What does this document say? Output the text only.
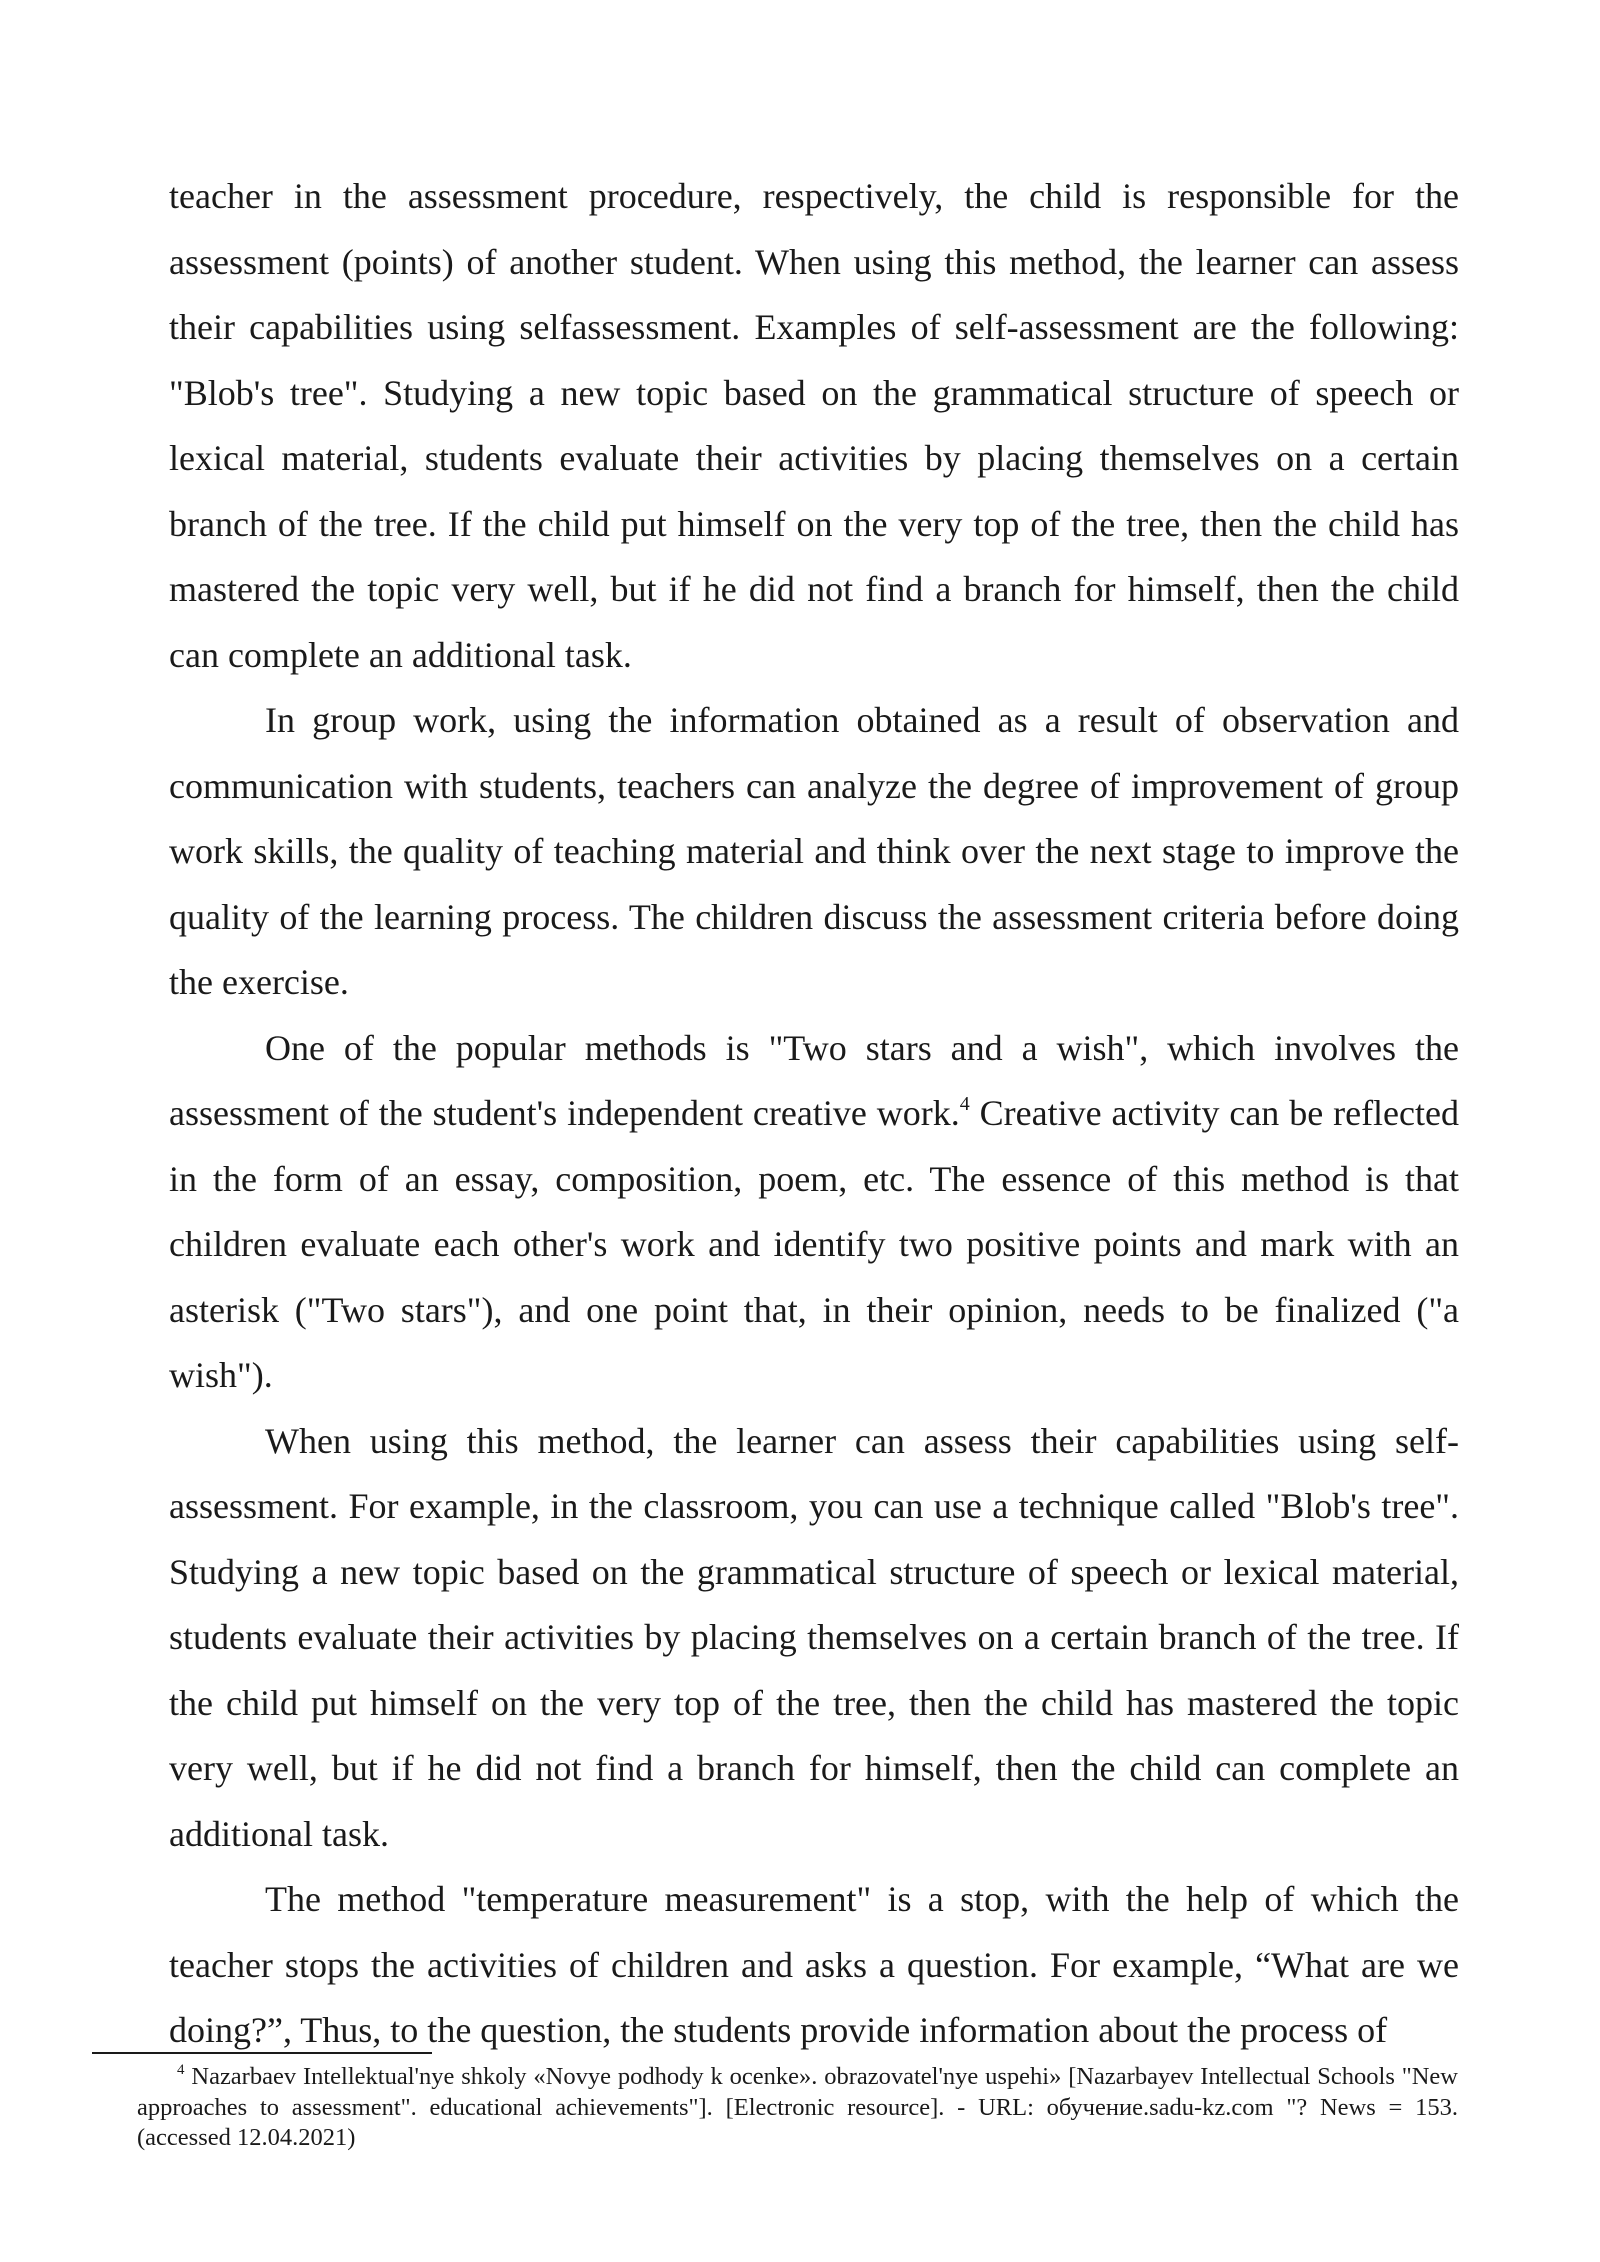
teacher in the assessment procedure, respectively, the child is responsible for the assessment (points) of another student. When using this method, the learner can assess their capabilities using selfassessment. Examples of self-assessment are the following: "Blob's tree". Studying a new topic based on the grammatical structure of speech or lexical material, students evaluate their activities by placing themselves on a certain branch of the tree. If the child put himself on the very top of the tree, then the child has mastered the topic very well, but if he did not find a branch for himself, then the child can complete an additional task.

In group work, using the information obtained as a result of observation and communication with students, teachers can analyze the degree of improvement of group work skills, the quality of teaching material and think over the next stage to improve the quality of the learning process. The children discuss the assessment criteria before doing the exercise.

One of the popular methods is "Two stars and a wish", which involves the assessment of the student's independent creative work.$^4$ Creative activity can be reflected in the form of an essay, composition, poem, etc. The essence of this method is that children evaluate each other's work and identify two positive points and mark with an asterisk ("Two stars"), and one point that, in their opinion, needs to be finalized ("a wish").

When using this method, the learner can assess their capabilities using self-assessment. For example, in the classroom, you can use a technique called "Blob's tree". Studying a new topic based on the grammatical structure of speech or lexical material, students evaluate their activities by placing themselves on a certain branch of the tree. If the child put himself on the very top of the tree, then the child has mastered the topic very well, but if he did not find a branch for himself, then the child can complete an additional task.

The method "temperature measurement" is a stop, with the help of which the teacher stops the activities of children and asks a question. For example, “What are we doing?”, Thus, to the question, the students provide information about the process of

$^4$ Nazarbaev Intellektual'nye shkoly «Novye podhody k ocenke». obrazovatel'nye uspehi» [Nazarbayev Intellectual Schools "New approaches to assessment". educational achievements"]. [Electronic resource]. - URL: обучение.sadu-kz.com "? News = 153. (accessed 12.04.2021)
